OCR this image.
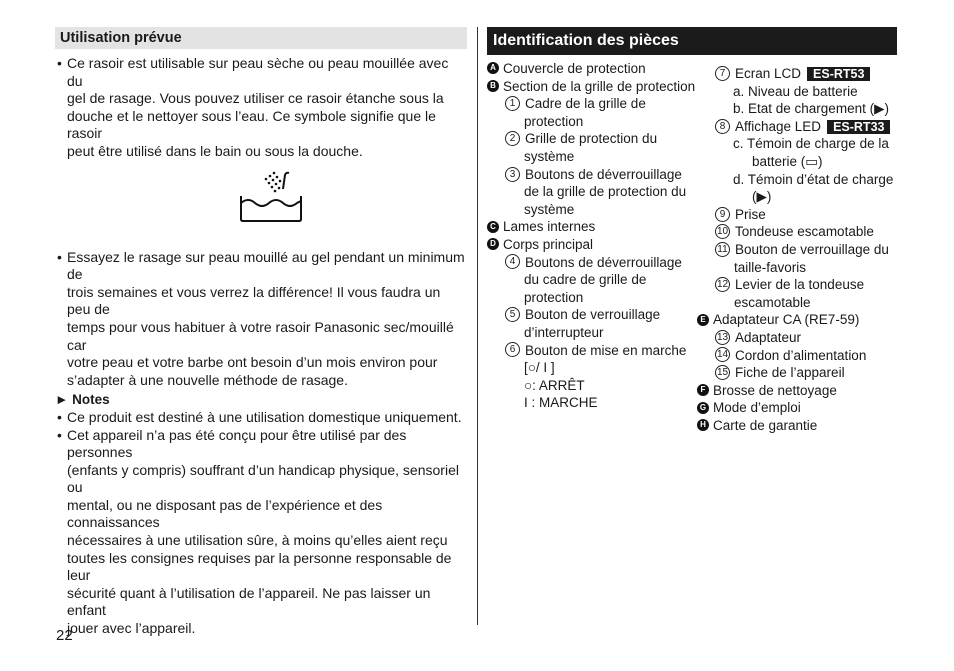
Utilisation prévue
• Ce rasoir est utilisable sur peau sèche ou peau mouillée avec du
gel de rasage. Vous pouvez utiliser ce rasoir étanche sous la
douche et le nettoyer sous l’eau. Ce symbole signifie que le rasoir
peut être utilisé dans le bain ou sous la douche.
• Essayez le rasage sur peau mouillé au gel pendant un minimum de
trois semaines et vous verrez la différence! Il vous faudra un peu de
temps pour vous habituer à votre rasoir Panasonic sec/mouillé car
votre peau et votre barbe ont besoin d’un mois environ pour
s’adapter à une nouvelle méthode de rasage.
► Notes
• Ce produit est destiné à une utilisation domestique uniquement.
• Cet appareil n’a pas été conçu pour être utilisé par des personnes
(enfants y compris) souffrant d’un handicap physique, sensoriel ou
mental, ou ne disposant pas de l’expérience et des connaissances
nécessaires à une utilisation sûre, à moins qu’elles aient reçu
toutes les consignes requises par la personne responsable de leur
sécurité quant à l’utilisation de l’appareil. Ne pas laisser un enfant
jouer avec l’appareil.
Identification des pièces
A Couvercle de protection
B Section de la grille de protection
1 Cadre de la grille de
protection
2 Grille de protection du
système
3 Boutons de déverrouillage
de la grille de protection du
système
C Lames internes
D Corps principal
4 Boutons de déverrouillage
du cadre de grille de
protection
5 Bouton de verrouillage
d’interrupteur
6 Bouton de mise en marche
[○/ I ]
○: ARRÊT
I : MARCHE
7 Ecran LCD ES-RT53
a. Niveau de batterie
b. Etat de chargement (▶)
8 Affichage LED ES-RT33
c. Témoin de charge de la
batterie (▭)
d. Témoin d’état de charge
(▶)
9 Prise
10 Tondeuse escamotable
11 Bouton de verrouillage du
taille-favoris
12 Levier de la tondeuse
escamotable
E Adaptateur CA (RE7-59)
13 Adaptateur
14 Cordon d’alimentation
15 Fiche de l’appareil
F Brosse de nettoyage
G Mode d’emploi
H Carte de garantie
22
